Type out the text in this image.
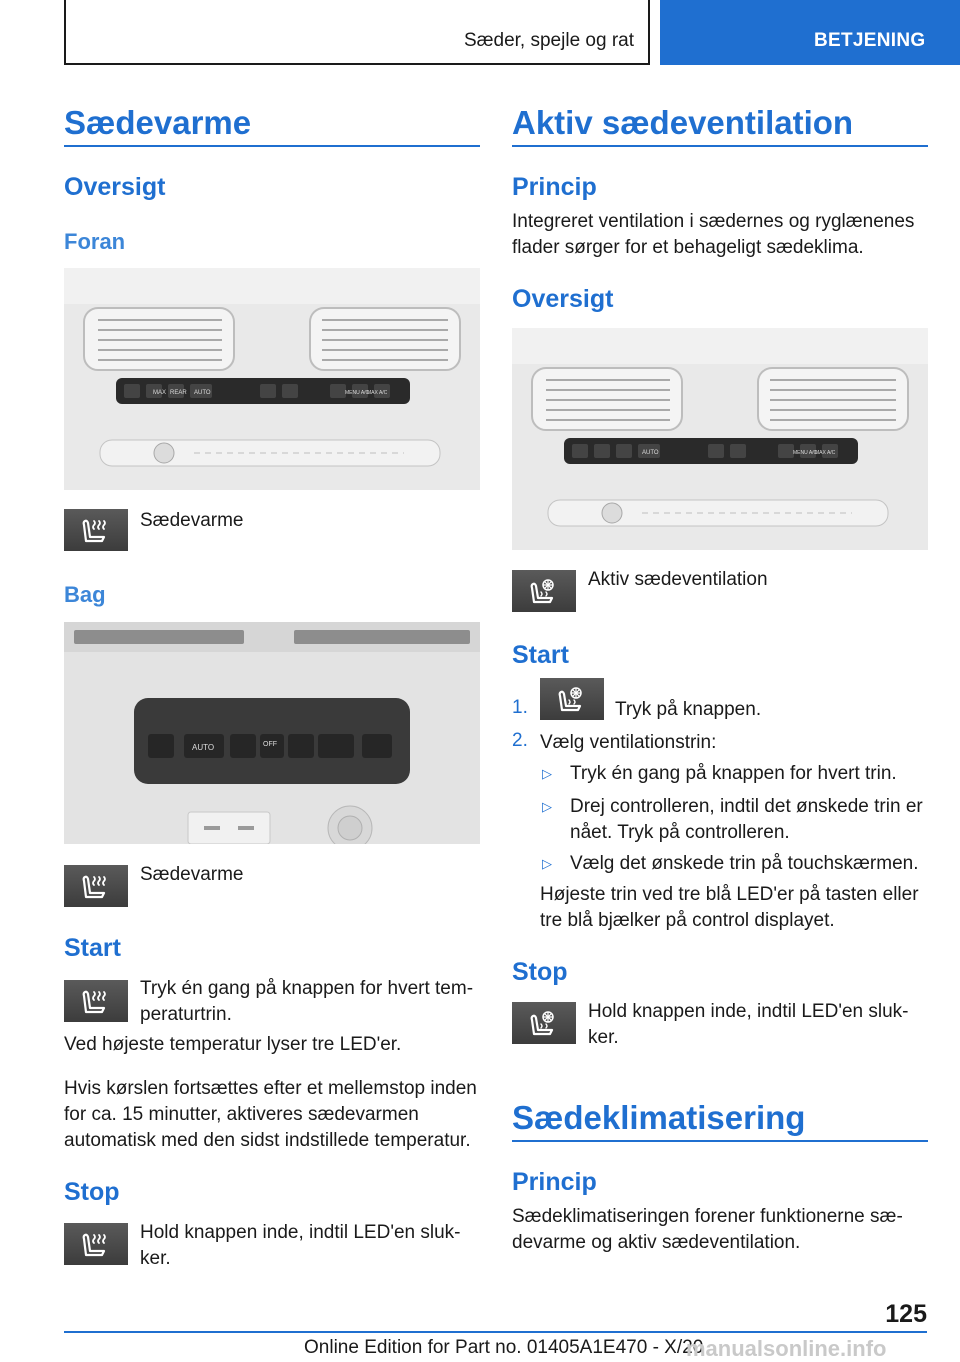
Sæder, spejle og rat	BETJENING
Sædevarme
Oversigt
Foran
MAX REAR AUTO	MENU A/C
MAX A/C
Sædevarme
Bag
AUTO	OFF
Sædevarme
Start
Tryk én gang på knappen for hvert temperaturtrin.
Ved højeste temperatur lyser tre LED'er.
Hvis kørslen fortsættes efter et mellemstop inden for ca. 15 minutter, aktiveres sædevarmen automatisk med den sidst indstillede temperatur.
Stop
Hold knappen inde, indtil LED'en slukker.
Aktiv sædeventilation
Princip
Integreret ventilation i sædernes og ryglænenes flader sørger for et behageligt sædeklima.
Oversigt
AUTO	MENU A/C
MAX A/C
Aktiv sædeventilation
Start
1.	Tryk på knappen.
2. Vælg ventilationstrin:
▷ Tryk én gang på knappen for hvert trin.
▷ Drej controlleren, indtil det ønskede trin er nået. Tryk på controlleren.
▷ Vælg det ønskede trin på touchskærmen.
Højeste trin ved tre blå LED'er på tasten eller tre blå bjælker på control displayet.
Stop
Hold knappen inde, indtil LED'en slukker.
Sædeklimatisering
Princip
Sædeklimatiseringen forener funktionerne sædevarme og aktiv sædeventilation.
125
Online Edition for Part no. 01405A1E470 - X/20
manualsonline.info
